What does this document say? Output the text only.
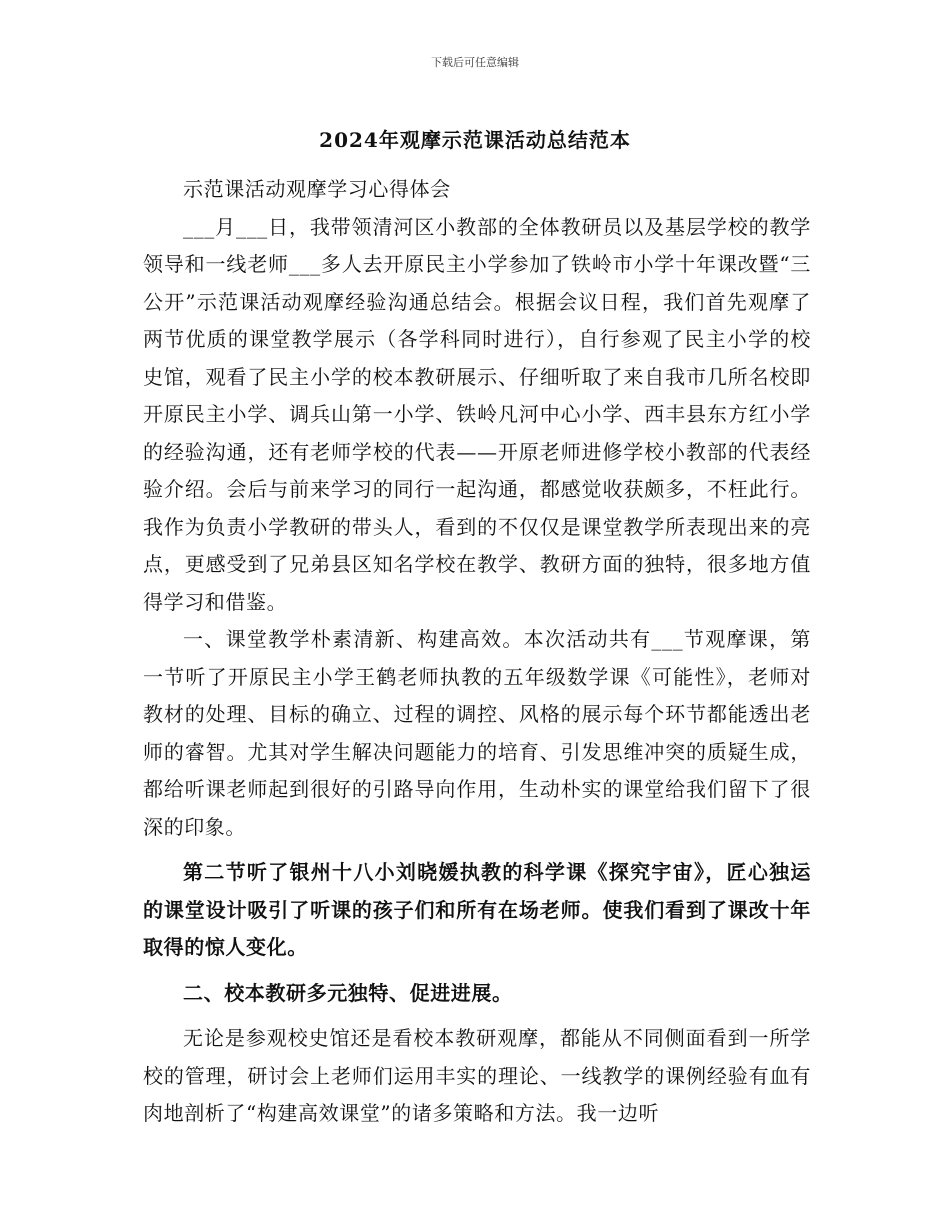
下载后可任意编辑
2024年观摩示范课活动总结范本

示范课活动观摩学习心得体会

___月___日，我带领清河区小教部的全体教研员以及基层学校的教学领导和一线老师___多人去开原民主小学参加了铁岭市小学十年课改暨“三公开”示范课活动观摩经验沟通总结会。根据会议日程，我们首先观摩了两节优质的课堂教学展示（各学科同时进行），自行参观了民主小学的校史馆，观看了民主小学的校本教研展示、仔细听取了来自我市几所名校即开原民主小学、调兵山第一小学、铁岭凡河中心小学、西丰县东方红小学的经验沟通，还有老师学校的代表——开原老师进修学校小教部的代表经验介绍。会后与前来学习的同行一起沟通，都感觉收获颇多，不枉此行。我作为负责小学教研的带头人，看到的不仅仅是课堂教学所表现出来的亮点，更感受到了兄弟县区知名学校在教学、教研方面的独特，很多地方值得学习和借鉴。

一、课堂教学朴素清新、构建高效。本次活动共有___节观摩课，第一节听了开原民主小学王鹤老师执教的五年级数学课《可能性》，老师对教材的处理、目标的确立、过程的调控、风格的展示每个环节都能透出老师的睿智。尤其对学生解决问题能力的培育、引发思维冲突的质疑生成，都给听课老师起到很好的引路导向作用，生动朴实的课堂给我们留下了很深的印象。

第二节听了银州十八小刘晓媛执教的科学课《探究宇宙》，匠心独运的课堂设计吸引了听课的孩子们和所有在场老师。使我们看到了课改十年取得的惊人变化。

二、校本教研多元独特、促进进展。

无论是参观校史馆还是看校本教研观摩，都能从不同侧面看到一所学校的管理，研讨会上老师们运用丰实的理论、一线教学的课例经验有血有肉地剖析了“构建高效课堂”的诸多策略和方法。我一边听
